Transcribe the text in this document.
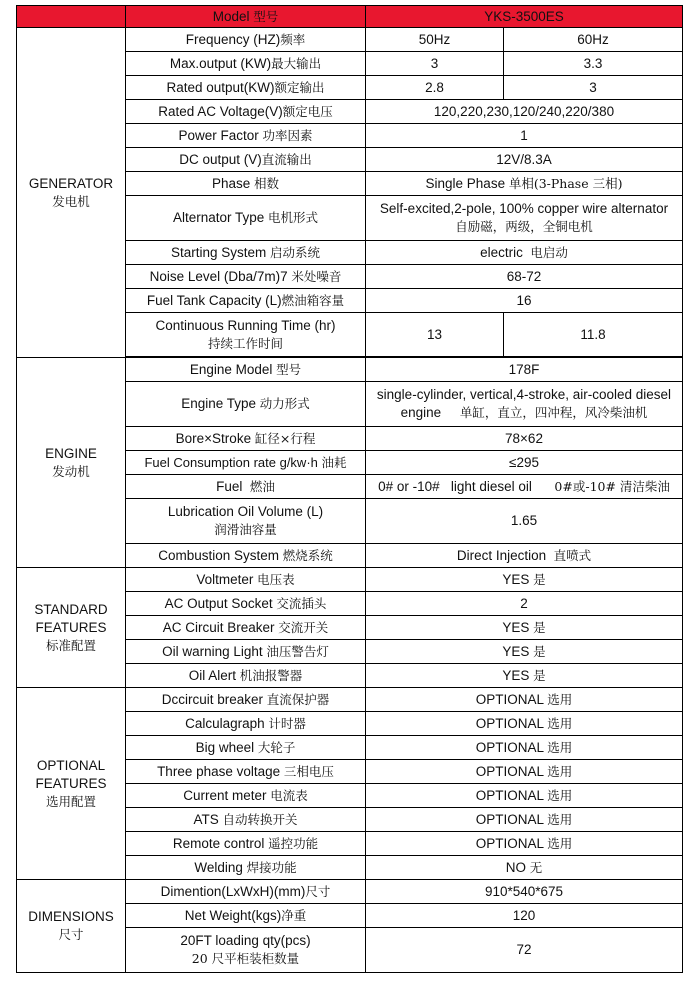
	Model 型号	YKS-3500ES	

GENERATOR
发电机	Frequency (HZ)频率	50Hz	60Hz
	Max.output (KW)最大输出	3	3.3
	Rated output(KW)额定输出	2.8	3
	Rated AC Voltage(V)额定电压	120,220,230,120/240,220/380	
	Power Factor 功率因素	1	
	DC output (V)直流输出	12V/8.3A	
	Phase 相数	Single Phase 单相(3-Phase 三相)	
	Alternator Type 电机形式	Self-excited,2-pole, 100% copper wire alternator
自励磁，两级，全铜电机	

	Starting System 启动系统	electric 电启动	
	Noise Level (Dba/7m)7 米处噪音	68-72	
	Fuel Tank Capacity (L)燃油箱容量	16	

	Continuous Running Time (hr)
持续工作时间	13	11.8

ENGINE
发动机	Engine Model 型号	178F	
	Engine Type 动力形式	single-cylinder, vertical,4-stroke, air-cooled diesel
engine 单缸，直立，四冲程，风冷柴油机	

	Bore×Stroke 缸径×行程	78×62	
	Fuel Consumption rate g/kw·h 油耗	≤295	
	Fuel 燃油	0# or -10#   light diesel oil 0#或-10# 清洁柴油	

	Lubrication Oil Volume (L)
润滑油容量	1.65	
	Combustion System 燃烧系统	Direct Injection 直喷式	

STANDARD
FEATURES
标准配置	Voltmeter 电压表	YES 是	
	AC Output Socket 交流插头	2	
	AC Circuit Breaker 交流开关	YES 是	
	Oil warning Light 油压警告灯	YES 是	
	Oil Alert 机油报警器	YES 是	

OPTIONAL
FEATURES
选用配置	Dccircuit breaker 直流保护器	OPTIONAL 选用	
	Calculagraph 计时器	OPTIONAL 选用	
	Big wheel 大轮子	OPTIONAL 选用	
	Three phase voltage 三相电压	OPTIONAL 选用	
	Current meter 电流表	OPTIONAL 选用	
	ATS 自动转换开关	OPTIONAL 选用	
	Remote control 遥控功能	OPTIONAL 选用	
	Welding 焊接功能	NO 无	

DIMENSIONS
尺寸	Dimention(LxWxH)(mm)尺寸	910*540*675	
	Net Weight(kgs)净重	120	

	20FT loading qty(pcs)
20 尺平柜装柜数量	72	
